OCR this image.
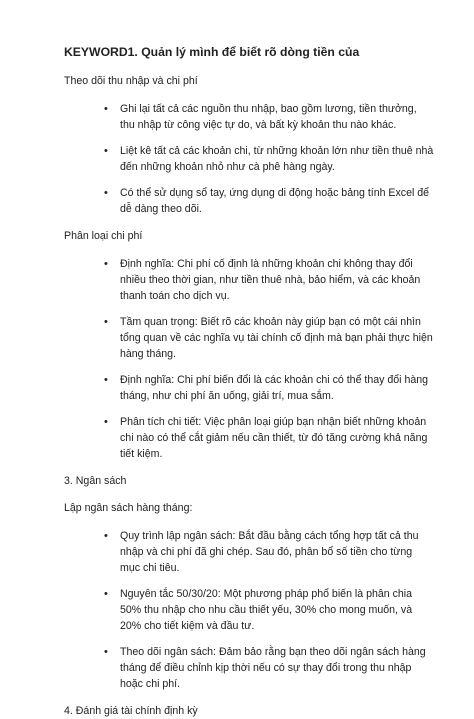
KEYWORD1. Quản lý mình để biết rõ dòng tiền của
Theo dõi thu nhập và chi phí
• Ghi lại tất cả các nguồn thu nhập, bao gồm lương, tiền thưởng, thu nhập từ công việc tự do, và bất kỳ khoản thu nào khác.
• Liệt kê tất cả các khoản chi, từ những khoản lớn như tiền thuê nhà đến những khoản nhỏ như cà phê hàng ngày.
• Có thể sử dụng sổ tay, ứng dụng di động hoặc bảng tính Excel để dễ dàng theo dõi.
Phân loại chi phí
• Định nghĩa: Chi phí cố định là những khoản chi không thay đổi nhiều theo thời gian, như tiền thuê nhà, bảo hiểm, và các khoản thanh toán cho dịch vụ.
• Tầm quan trọng: Biết rõ các khoản này giúp bạn có một cái nhìn tổng quan về các nghĩa vụ tài chính cố định mà bạn phải thực hiện hàng tháng.
• Định nghĩa: Chi phí biến đổi là các khoản chi có thể thay đổi hàng tháng, như chi phí ăn uống, giải trí, mua sắm.
• Phân tích chi tiết: Việc phân loại giúp bạn nhận biết những khoản chi nào có thể cắt giảm nếu cần thiết, từ đó tăng cường khả năng tiết kiệm.
3. Ngân sách
Lập ngân sách hàng tháng:
• Quy trình lập ngân sách: Bắt đầu bằng cách tổng hợp tất cả thu nhập và chi phí đã ghi chép. Sau đó, phân bổ số tiền cho từng mục chi tiêu.
• Nguyên tắc 50/30/20: Một phương pháp phổ biến là phân chia 50% thu nhập cho nhu cầu thiết yếu, 30% cho mong muốn, và 20% cho tiết kiệm và đầu tư.
• Theo dõi ngân sách: Đảm bảo rằng bạn theo dõi ngân sách hàng tháng để điều chỉnh kịp thời nếu có sự thay đổi trong thu nhập hoặc chi phí.
4. Đánh giá tài chính định kỳ
